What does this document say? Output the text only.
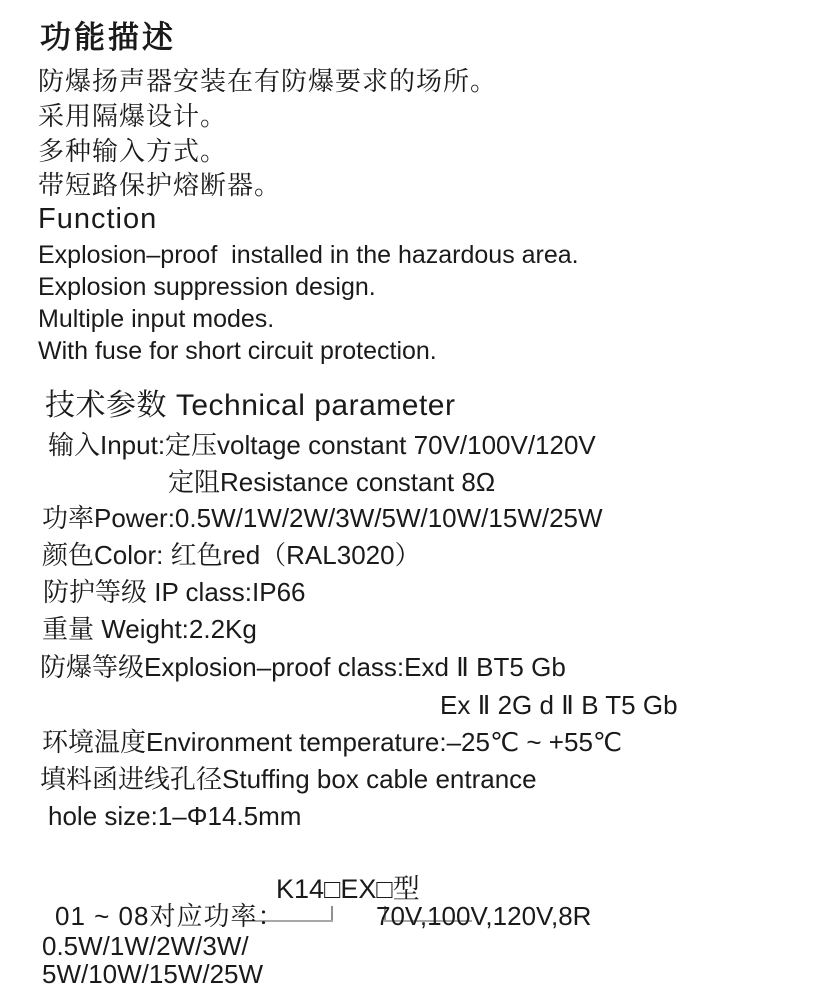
功能描述
防爆扬声器安装在有防爆要求的场所。
采用隔爆设计。
多种输入方式。
带短路保护熔断器。
Function
Explosion–proof  installed in the hazardous area.
Explosion suppression design.
Multiple input modes.
With fuse for short circuit protection.
技术参数 Technical parameter
输入Input:定压voltage constant 70V/100V/120V
定阻Resistance constant 8Ω
功率Power:0.5W/1W/2W/3W/5W/10W/15W/25W
颜色Color: 红色red（RAL3020）
防护等级 IP class:IP66
重量 Weight:2.2Kg
防爆等级Explosion–proof class:Exd Ⅱ BT5 Gb
Ex Ⅱ 2G d Ⅱ B T5 Gb
环境温度Environment temperature:–25℃ ~ +55℃
填料函进线孔径Stuffing box cable entrance
hole size:1–Φ14.5mm

K14□
EX□
型

01 ~ 08对应功率：
0.5W/1W/2W/3W/
5W/10W/15W/25W
70V,100V,120V,8R
